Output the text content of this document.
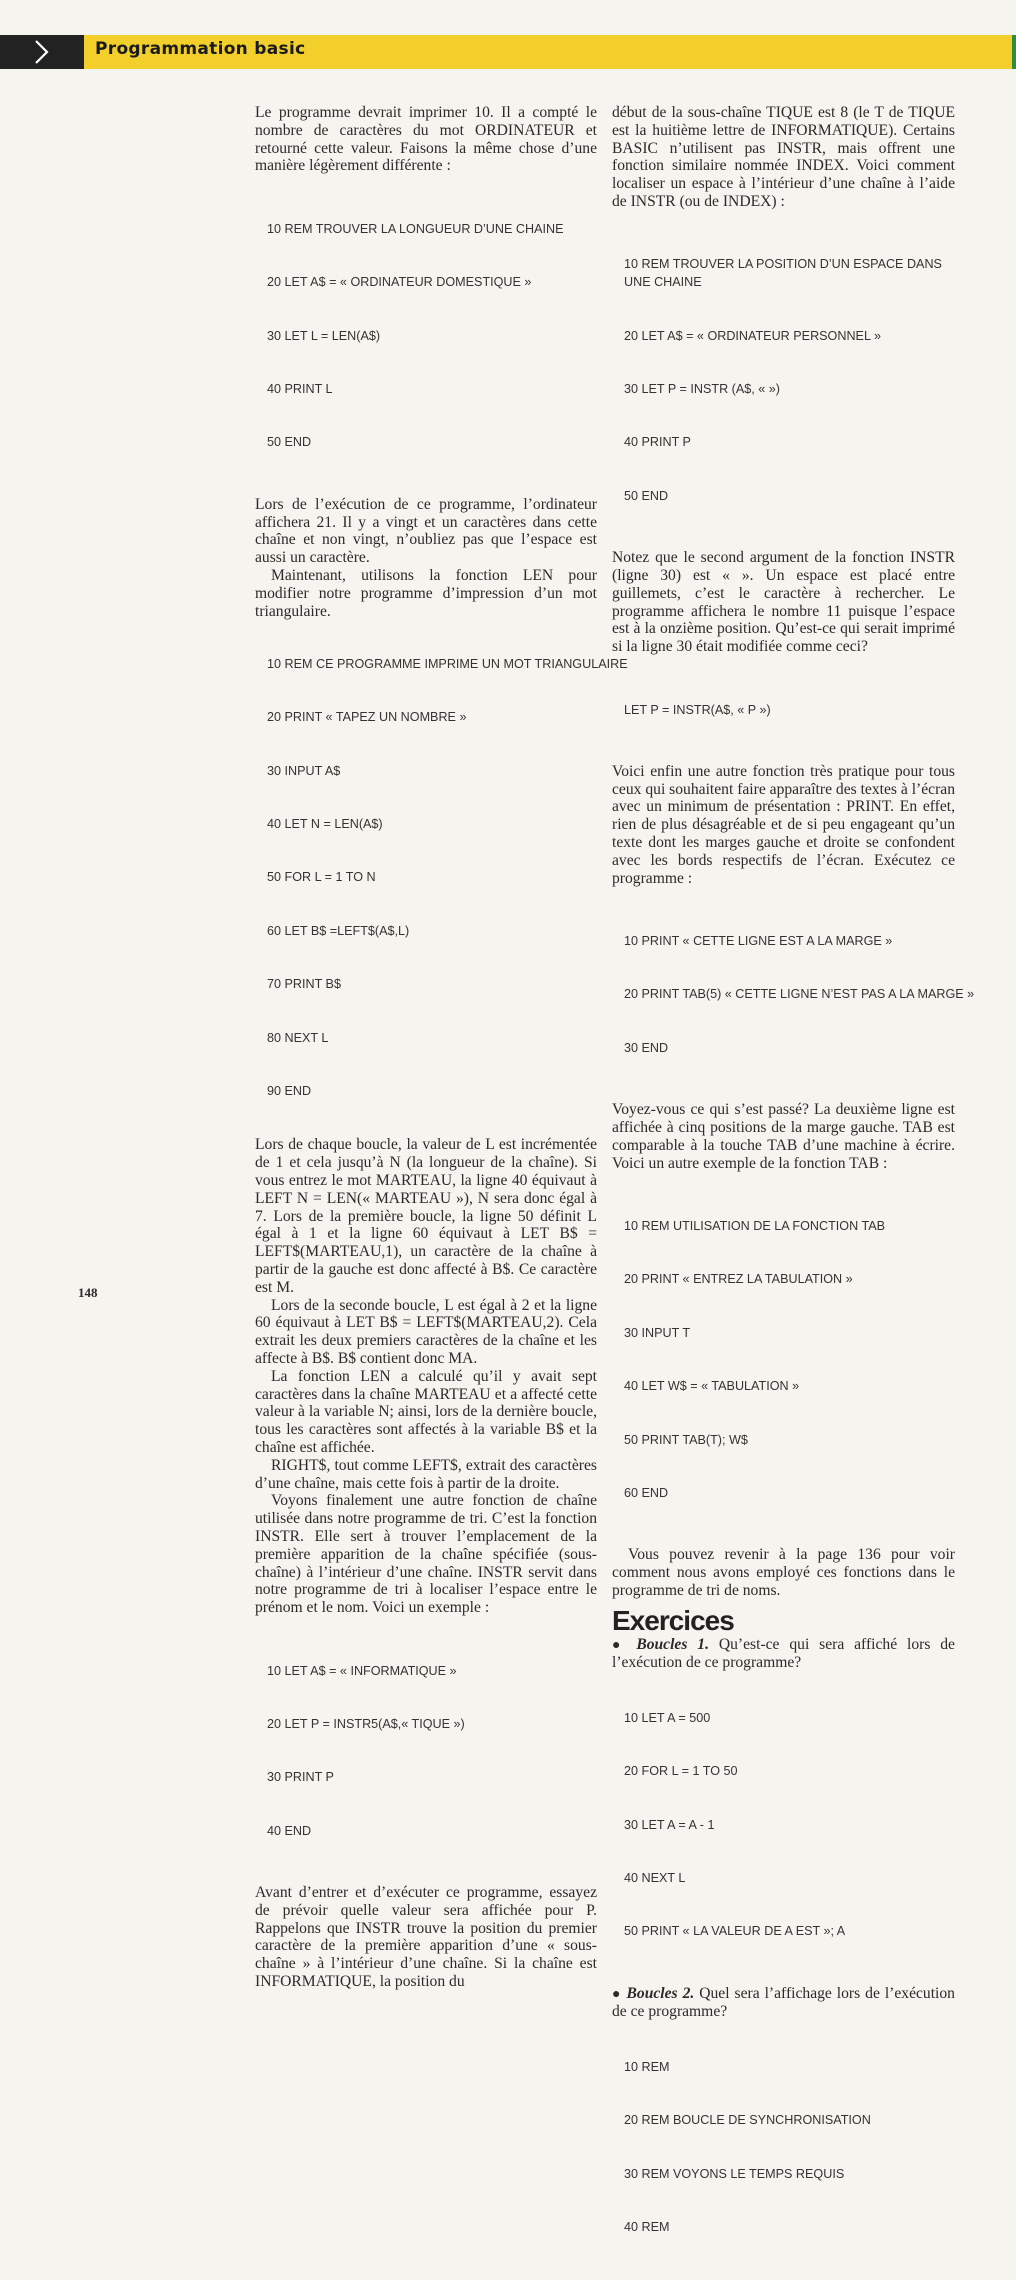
Programmation basic

Le programme devrait imprimer 10. Il a compté le nombre de caractères du mot ORDINATEUR et retourné cette valeur. Faisons la même chose d’une manière légèrement différente :

10 REM TROUVER LA LONGUEUR D’UNE CHAINE

20 LET A$ = « ORDINATEUR DOMESTIQUE »

30 LET L = LEN(A$)

40 PRINT L

50 END

Lors de l’exécution de ce programme, l’ordinateur affichera 21. Il y a vingt et un caractères dans cette chaîne et non vingt, n’oubliez pas que l’espace est aussi un caractère.

Maintenant, utilisons la fonction LEN pour modifier notre programme d’impression d’un mot triangulaire.

10 REM CE PROGRAMME IMPRIME UN MOT TRIANGULAIRE

20 PRINT « TAPEZ UN NOMBRE »

30 INPUT A$

40 LET N = LEN(A$)

50 FOR L = 1 TO N

60 LET B$ =LEFT$(A$,L)

70 PRINT B$

80 NEXT L

90 END

Lors de chaque boucle, la valeur de L est incrémentée de 1 et cela jusqu’à N (la longueur de la chaîne). Si vous entrez le mot MARTEAU, la ligne 40 équivaut à LEFT N = LEN(« MARTEAU »), N sera donc égal à 7. Lors de la première boucle, la ligne 50 définit L égal à 1 et la ligne 60 équivaut à LET B$ = LEFT$(MARTEAU,1), un caractère de la chaîne à partir de la gauche est donc affecté à B$. Ce caractère est M.

Lors de la seconde boucle, L est égal à 2 et la ligne 60 équivaut à LET B$ = LEFT$(MARTEAU,2). Cela extrait les deux premiers caractères de la chaîne et les affecte à B$. B$ contient donc MA.

La fonction LEN a calculé qu’il y avait sept caractères dans la chaîne MARTEAU et a affecté cette valeur à la variable N; ainsi, lors de la dernière boucle, tous les caractères sont affectés à la variable B$ et la chaîne est affichée.

RIGHT$, tout comme LEFT$, extrait des caractères d’une chaîne, mais cette fois à partir de la droite.

Voyons finalement une autre fonction de chaîne utilisée dans notre programme de tri. C’est la fonction INSTR. Elle sert à trouver l’emplacement de la première apparition de la chaîne spécifiée (sous-chaîne) à l’intérieur d’une chaîne. INSTR servit dans notre programme de tri à localiser l’espace entre le prénom et le nom. Voici un exemple :

10 LET A$ = « INFORMATIQUE »

20 LET P = INSTR5(A$,« TIQUE »)

30 PRINT P

40 END

Avant d’entrer et d’exécuter ce programme, essayez de prévoir quelle valeur sera affichée pour P. Rappelons que INSTR trouve la position du premier caractère de la première apparition d’une « sous-chaîne » à l’intérieur d’une chaîne. Si la chaîne est INFORMATIQUE, la position du

début de la sous-chaîne TIQUE est 8 (le T de TIQUE est la huitième lettre de INFORMATIQUE). Certains BASIC n’utilisent pas INSTR, mais offrent une fonction similaire nommée INDEX. Voici comment localiser un espace à l’intérieur d’une chaîne à l’aide de INSTR (ou de INDEX) :

10 REM TROUVER LA POSITION D’UN ESPACE DANS UNE CHAINE

20 LET A$ = « ORDINATEUR PERSONNEL »

30 LET P = INSTR (A$, « »)

40 PRINT P

50 END

Notez que le second argument de la fonction INSTR (ligne 30) est « ». Un espace est placé entre guillemets, c’est le caractère à rechercher. Le programme affichera le nombre 11 puisque l’espace est à la onzième position. Qu’est-ce qui serait imprimé si la ligne 30 était modifiée comme ceci?

LET P = INSTR(A$, « P »)

Voici enfin une autre fonction très pratique pour tous ceux qui souhaitent faire apparaître des textes à l’écran avec un minimum de présentation : PRINT. En effet, rien de plus désagréable et de si peu engageant qu’un texte dont les marges gauche et droite se confondent avec les bords respectifs de l’écran. Exécutez ce programme :

10 PRINT « CETTE LIGNE EST A LA MARGE »

20 PRINT TAB(5) « CETTE LIGNE N’EST PAS A LA MARGE »

30 END

Voyez-vous ce qui s’est passé? La deuxième ligne est affichée à cinq positions de la marge gauche. TAB est comparable à la touche TAB d’une machine à écrire. Voici un autre exemple de la fonction TAB :

10 REM UTILISATION DE LA FONCTION TAB

20 PRINT « ENTREZ LA TABULATION »

30 INPUT T

40 LET W$ = « TABULATION »

50 PRINT TAB(T); W$

60 END

Vous pouvez revenir à la page 136 pour voir comment nous avons employé ces fonctions dans le programme de tri de noms.

Exercices

● Boucles 1. Qu’est-ce qui sera affiché lors de l’exécution de ce programme?

10 LET A = 500

20 FOR L = 1 TO 50

30 LET A = A - 1

40 NEXT L

50 PRINT « LA VALEUR DE A EST »; A

● Boucles 2. Quel sera l’affichage lors de l’exécution de ce programme?

10 REM

20 REM BOUCLE DE SYNCHRONISATION

30 REM VOYONS LE TEMPS REQUIS

40 REM

148
